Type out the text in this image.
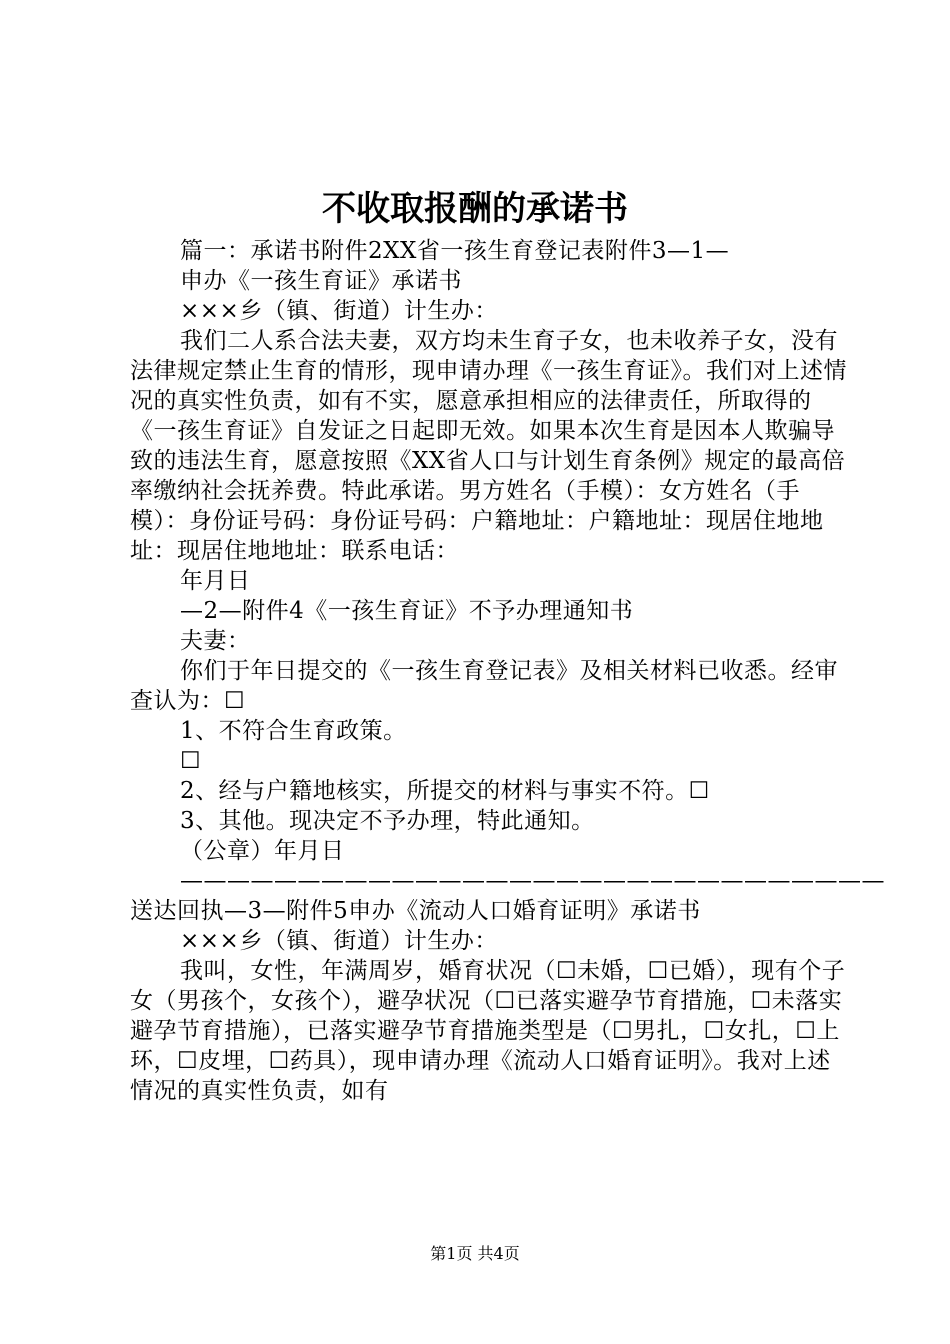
不收取报酬的承诺书

篇一：承诺书附件2XX省一孩生育登记表附件3—1—

申办《一孩生育证》承诺书

×××乡（镇、街道）计生办：

我们二人系合法夫妻，双方均未生育子女，也未收养子女，没有法律规定禁止生育的情形，现申请办理《一孩生育证》。我们对上述情况的真实性负责，如有不实，愿意承担相应的法律责任，所取得的《一孩生育证》自发证之日起即无效。如果本次生育是因本人欺骗导致的违法生育，愿意按照《XX省人口与计划生育条例》规定的最高倍率缴纳社会抚养费。特此承诺。男方姓名（手模）：女方姓名（手模）：身份证号码：身份证号码：户籍地址：户籍地址：现居住地地址：现居住地地址：联系电话：

年月日

—2—附件4《一孩生育证》不予办理通知书

夫妻：

你们于年日提交的《一孩生育登记表》及相关材料已收悉。经审查认为：☐

1、不符合生育政策。

☐

2、经与户籍地核实，所提交的材料与事实不符。☐

3、其他。现决定不予办理，特此通知。

（公章）年月日

——————————————————————————————送达回执—3—附件5申办《流动人口婚育证明》承诺书

×××乡（镇、街道）计生办：

我叫，女性，年满周岁，婚育状况（☐未婚，☐已婚），现有个子女（男孩个，女孩个），避孕状况（☐已落实避孕节育措施，☐未落实避孕节育措施），已落实避孕节育措施类型是（☐男扎，☐女扎，☐上环，☐皮埋，☐药具），现申请办理《流动人口婚育证明》。我对上述情况的真实性负责，如有

第1页 共4页
